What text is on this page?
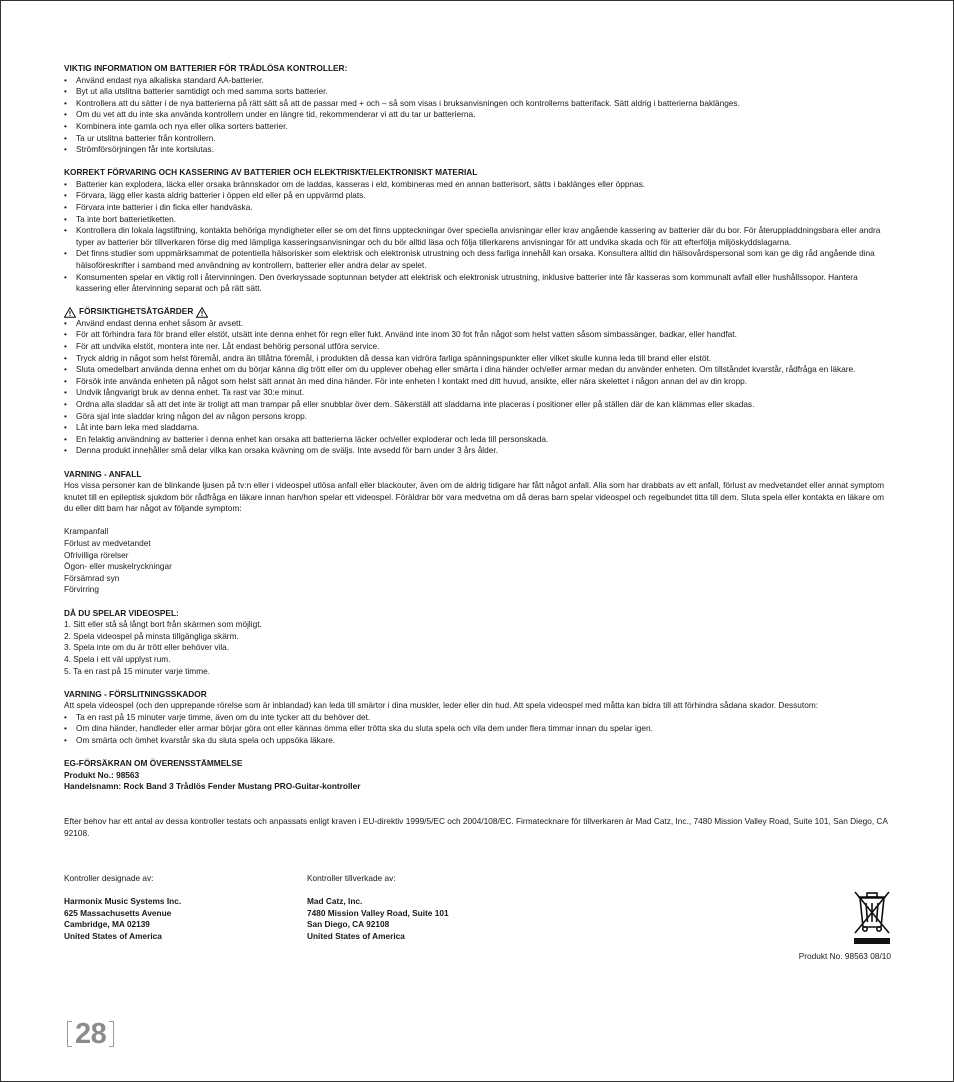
VIKTIG INFORMATION OM BATTERIER FÖR TRÅDLÖSA KONTROLLER:
• Använd endast nya alkaliska standard AA-batterier.
• Byt ut alla utslitna batterier samtidigt och med samma sorts batterier.
• Kontrollera att du sätter i de nya batterierna på rätt sätt så att de passar med + och – så som visas i bruksanvisningen och kontrollerns batterifack. Sätt aldrig i batterierna baklänges.
• Om du vet att du inte ska använda kontrollern under en längre tid, rekommenderar vi att du tar ur batterierna.
• Kombinera inte gamla och nya eller olika sorters batterier.
• Ta ur utslitna batterier från kontrollern.
• Strömförsörjningen får inte kortslutas.
KORREKT FÖRVARING OCH KASSERING AV BATTERIER OCH ELEKTRISKT/ELEKTRONISKT MATERIAL
• Batterier kan explodera, läcka eller orsaka brännskador om de laddas, kasseras i eld, kombineras med en annan batterisort, sätts i baklänges eller öppnas.
• Förvara, lägg eller kasta aldrig batterier i öppen eld eller på en uppvärmd plats.
• Förvara inte batterier i din ficka eller handväska.
• Ta inte bort batterietiketten.
• Kontrollera din lokala lagstiftning, kontakta behöriga myndigheter eller se om det finns uppteckningar över speciella anvisningar eller krav angående kassering av batterier där du bor. För återuppladdningsbara eller andra typer av batterier bör tillverkaren förse dig med lämpliga kasseringsanvisningar och du bör alltid läsa och följa tillerkarens anvisningar för att undvika skada och för att efterfölja miljöskyddslagarna.
• Det finns studier som uppmärksammat de potentiella hälsorisker som elektrisk och elektronisk utrustning och dess farliga innehåll kan orsaka. Konsultera alltid din hälsovårdspersonal som kan ge dig råd angående dina hälsoföreskrifter i samband med användning av kontrollern, batterier eller andra delar av spelet.
• Konsumenten spelar en viktig roll i återvinningen. Den överkryssade soptunnan betyder att elektrisk och elektronisk utrustning, inklusive batterier inte får kasseras som kommunalt avfall eller hushållssopor. Hantera kassering eller återvinning separat och på rätt sätt.
FÖRSIKTIGHETSÅTGÄRDER
• Använd endast denna enhet såsom är avsett.
• För att förhindra fara för brand eller elstöt, utsätt inte denna enhet för regn eller fukt. Använd inte inom 30 fot från något som helst vatten såsom simbassänger, badkar, eller handfat.
• För att undvika elstöt, montera inte ner. Låt endast behörig personal utföra service.
• Tryck aldrig in något som helst föremål, andra än tillåtna föremål, i produkten då dessa kan vidröra farliga spänningspunkter eller vilket skulle kunna leda till brand eller elstöt.
• Sluta omedelbart använda denna enhet om du börjar känna dig trött eller om du upplever obehag eller smärta i dina händer och/eller armar medan du använder enheten. Om tillståndet kvarstår, rådfråga en läkare.
• Försök inte använda enheten på något som helst sätt annat än med dina händer. För inte enheten I kontakt med ditt huvud, ansikte, eller nära skelettet i någon annan del av din kropp.
• Undvik långvarigt bruk av denna enhet. Ta rast var 30:e minut.
• Ordna alla sladdar så att det inte är troligt att man trampar på eller snubblar över dem. Säkerställ att sladdarna inte placeras i positioner eller på ställen där de kan klämmas eller skadas.
• Göra sjal inte sladdar kring någon del av någon persons kropp.
• Låt inte barn leka med sladdarna.
• En felaktig användning av batterier i denna enhet kan orsaka att batterierna läcker och/eller exploderar och leda till personskada.
• Denna produkt innehåller små delar vilka kan orsaka kvävning om de sväljs. Inte avsedd för barn under 3 års ålder.
VARNING - ANFALL
Hos vissa personer kan de blinkande ljusen på tv:n eller i videospel utlösa anfall eller blackouter, även om de aldrig tidigare har fått något anfall. Alla som har drabbats av ett anfall, förlust av medvetandet eller annat symptom knutet till en epileptisk sjukdom bör rådfråga en läkare innan han/hon spelar ett videospel. Föräldrar bör vara medvetna om då deras barn spelar videospel och regelbundet titta till dem. Sluta spela eller kontakta en läkare om du eller ditt barn har något av följande symptom:
Krampanfall
Förlust av medvetandet
Ofrivilliga rörelser
Ögon- eller muskelryckningar
Försämrad syn
Förvirring
DÅ DU SPELAR VIDEOSPEL:
1. Sitt eller stå så långt bort från skärmen som möjligt.
2. Spela videospel på minsta tillgängliga skärm.
3. Spela inte om du är trött eller behöver vila.
4. Spela i ett väl upplyst rum.
5. Ta en rast på 15 minuter varje timme.
VARNING - FÖRSLITNINGSSKADOR
Att spela videospel (och den upprepande rörelse som är inblandad) kan leda till smärtor i dina muskler, leder eller din hud. Att spela videospel med måtta kan bidra till att förhindra sådana skador. Dessutom:
• Ta en rast på 15 minuter varje timme, även om du inte tycker att du behöver det.
• Om dina händer, handleder eller armar börjar göra ont eller kännas ömma eller trötta ska du sluta spela och vila dem under flera timmar innan du spelar igen.
• Om smärta och ömhet kvarstår ska du sluta spela och uppsöka läkare.
EG-FÖRSÄKRAN OM ÖVERENSSTÄMMELSE
Produkt No.: 98563
Handelsnamn: Rock Band 3 Trådlös Fender Mustang PRO-Guitar-kontroller
Efter behov har ett antal av dessa kontroller testats och anpassats enligt kraven i EU-direktiv 1999/5/EC och 2004/108/EC. Firmatecknare för tillverkaren är Mad Catz, Inc., 7480 Mission Valley Road, Suite 101, San Diego, CA 92108.
Kontroller designade av:
Harmonix Music Systems Inc.
625 Massachusetts Avenue
Cambridge, MA 02139
United States of America
Kontroller tillverkade av:
Mad Catz, Inc.
7480 Mission Valley Road, Suite 101
San Diego, CA 92108
United States of America
Produkt No. 98563 08/10
28
